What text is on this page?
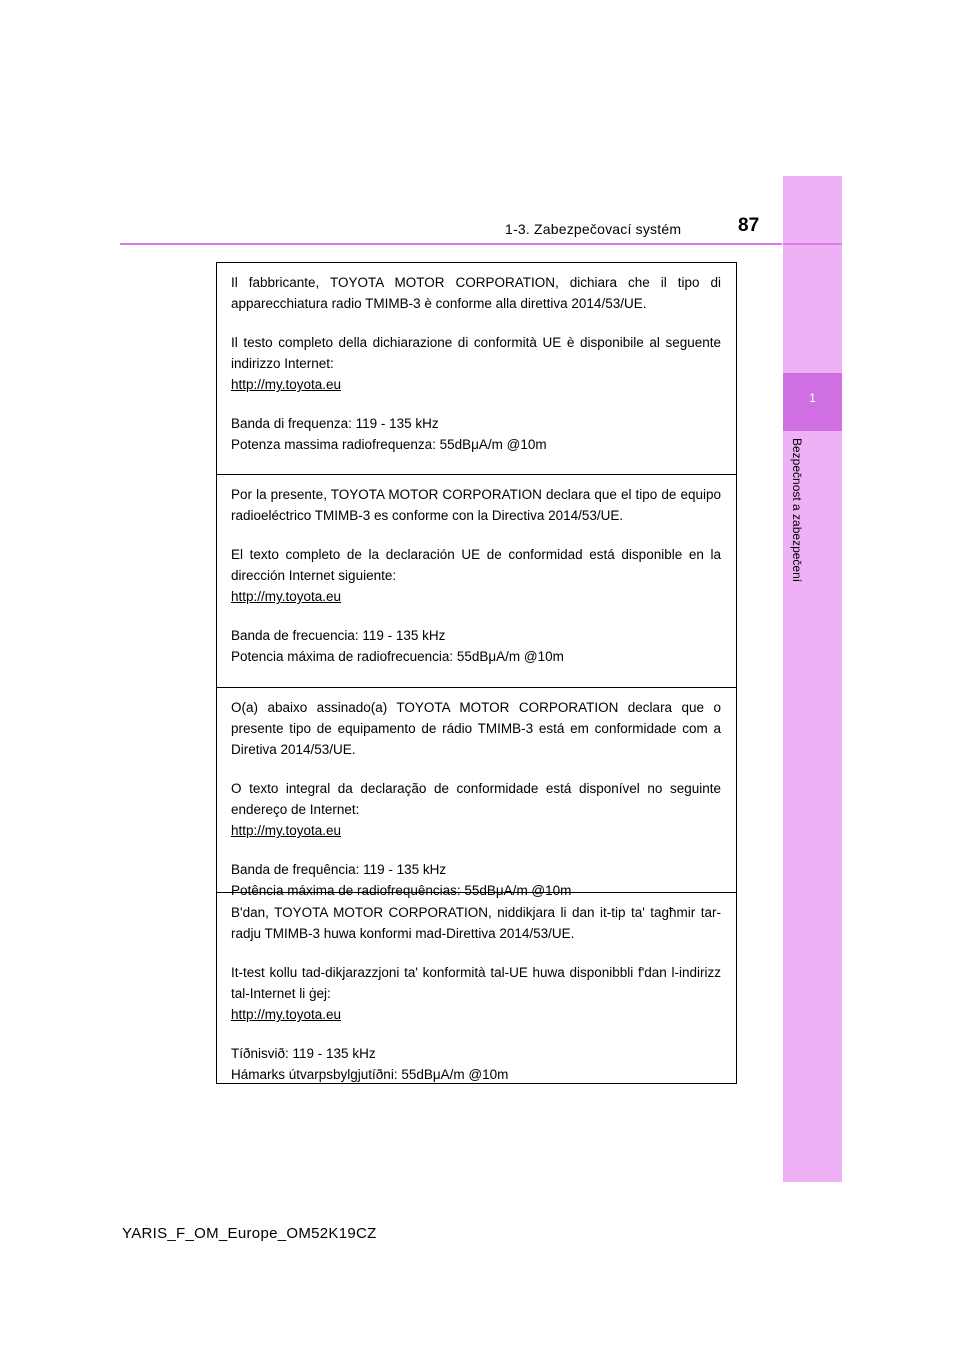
1
Bezpečnost a zabezpečení
1-3. Zabezpečovací systém	87

Il fabbricante, TOYOTA MOTOR CORPORATION, dichiara che il tipo di apparecchiatura radio TMIMB-3 è conforme alla direttiva 2014/53/UE.

Il testo completo della dichiarazione di conformità UE è disponibile al seguente indirizzo Internet:

http://my.toyota.eu

Banda di frequenza: 119 - 135 kHz

Potenza massima radiofrequenza: 55dBμA/m @10m

Por la presente, TOYOTA MOTOR CORPORATION declara que el tipo de equipo radioeléctrico TMIMB-3 es conforme con la Directiva 2014/53/UE.

El texto completo de la declaración UE de conformidad está disponible en la dirección Internet siguiente:

http://my.toyota.eu

Banda de frecuencia: 119 - 135 kHz

Potencia máxima de radiofrecuencia: 55dBμA/m @10m

O(a) abaixo assinado(a) TOYOTA MOTOR CORPORATION declara que o presente tipo de equipamento de rádio TMIMB-3 está em conformidade com a Diretiva 2014/53/UE.

O texto integral da declaração de conformidade está disponível no seguinte endereço de Internet:

http://my.toyota.eu

Banda de frequência: 119 - 135 kHz

Potência máxima de radiofrequências: 55dBμA/m @10m

B'dan, TOYOTA MOTOR CORPORATION, niddikjara li dan it-tip ta' tagħmir tar-radju TMIMB-3 huwa konformi mad-Direttiva 2014/53/UE.

It-test kollu tad-dikjarazzjoni ta' konformità tal-UE huwa disponibbli f'dan l-indirizz tal-Internet li ġej:

http://my.toyota.eu

Tíðnisvið: 119 - 135 kHz

Hámarks útvarpsbylgjutíðni: 55dBμA/m @10m

YARIS_F_OM_Europe_OM52K19CZ
